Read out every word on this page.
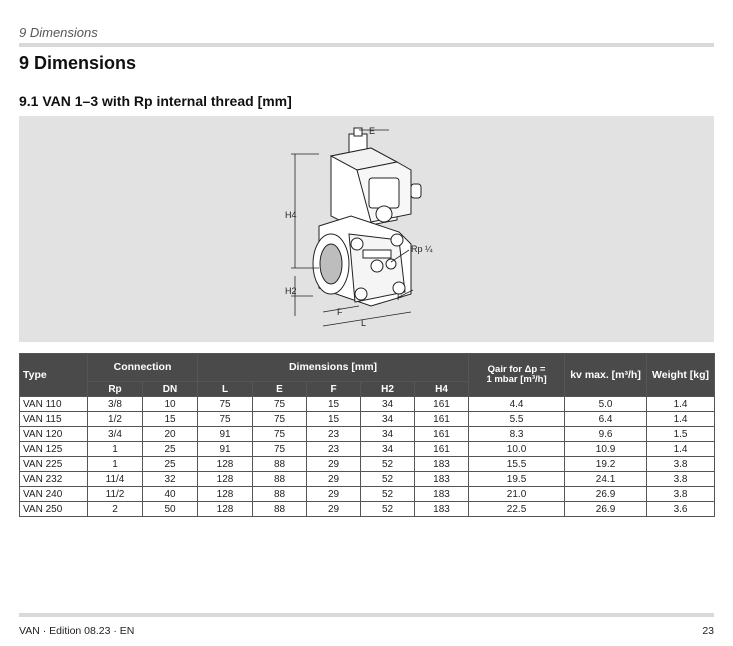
9 Dimensions
9 Dimensions
9.1 VAN 1–3 with Rp internal thread [mm]
E
H4
H2
Rp ¼
F
F
L
Type	Connection		Dimensions [mm]					Qair for Δp =
1 mbar [m³/h]	kv max. [m³/h]	Weight [kg]
	Rp	DN	L	E	F	H2	H4			
VAN 110	3/8	10	75	75	15	34	161	4.4	5.0	1.4
VAN 115	1/2	15	75	75	15	34	161	5.5	6.4	1.4
VAN 120	3/4	20	91	75	23	34	161	8.3	9.6	1.5
VAN 125	1	25	91	75	23	34	161	10.0	10.9	1.4
VAN 225	1	25	128	88	29	52	183	15.5	19.2	3.8
VAN 232	11/4	32	128	88	29	52	183	19.5	24.1	3.8
VAN 240	11/2	40	128	88	29	52	183	21.0	26.9	3.8
VAN 250	2	50	128	88	29	52	183	22.5	26.9	3.6
VAN · Edition 08.23 · EN	23
